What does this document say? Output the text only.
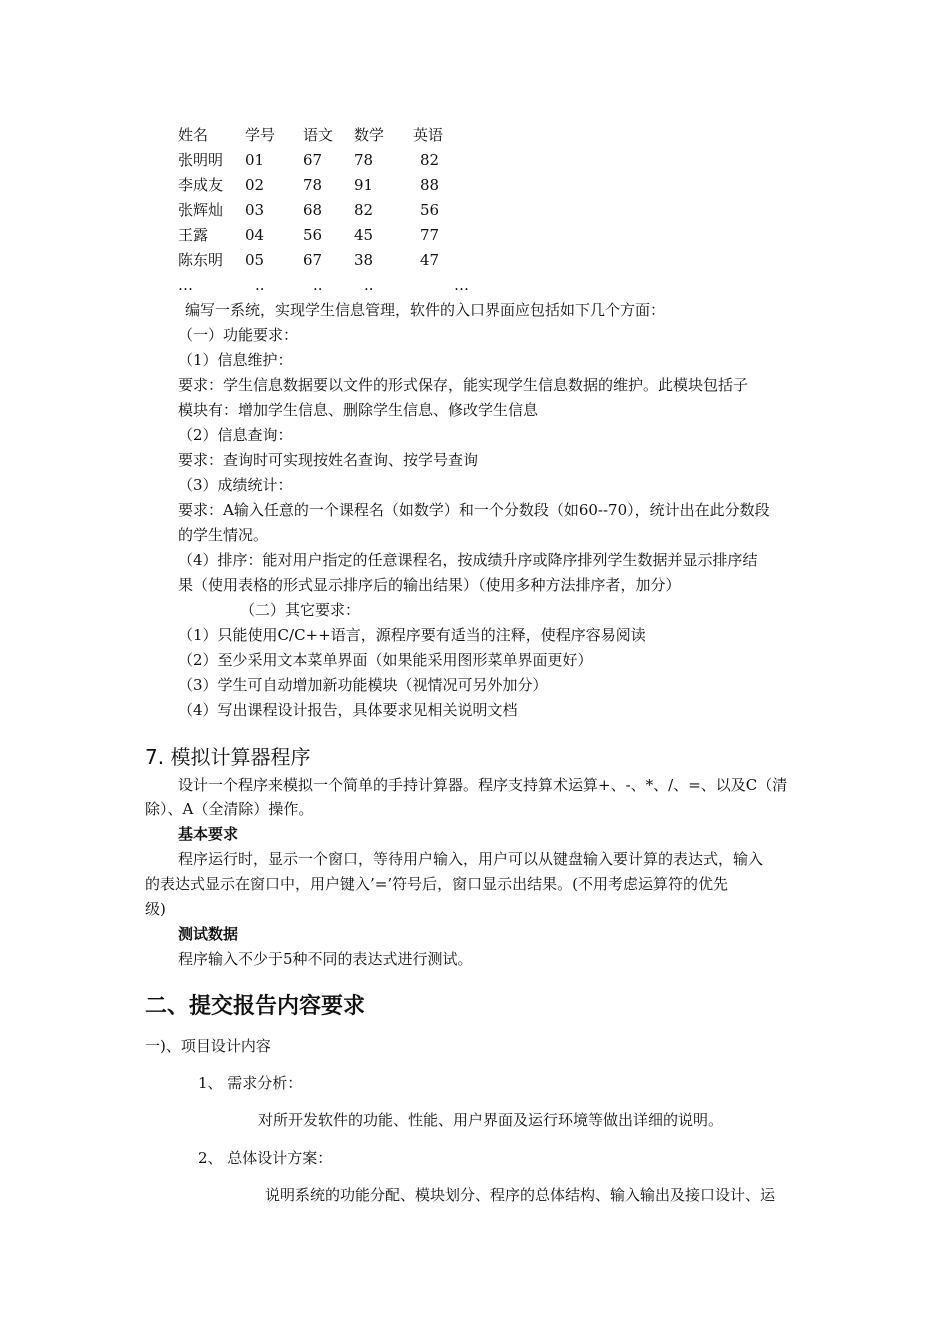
姓名 学号 语文 数学 英语
张明明 01	67 78	82
李成友 02	78 91	88
张辉灿 03	68 82	56
王露 04	56 45	77
陈东明 05	67 38	47
…	..	..	..	…
编写一系统，实现学生信息管理，软件的入口界面应包括如下几个方面：
（一）功能要求：
（1）信息维护：
要求：学生信息数据要以文件的形式保存，能实现学生信息数据的维护。此模块包括子
模块有：增加学生信息、删除学生信息、修改学生信息
（2）信息查询：
要求：查询时可实现按姓名查询、按学号查询
（3）成绩统计：
要求：A输入任意的一个课程名（如数学）和一个分数段（如60--70），统计出在此分数段
的学生情况。
（4）排序：能对用户指定的任意课程名，按成绩升序或降序排列学生数据并显示排序结
果（使用表格的形式显示排序后的输出结果）（使用多种方法排序者，加分）
（二）其它要求：
（1）只能使用C/C++语言，源程序要有适当的注释，使程序容易阅读
（2）至少采用文本菜单界面（如果能采用图形菜单界面更好）
（3）学生可自动增加新功能模块（视情况可另外加分）
（4）写出课程设计报告，具体要求见相关说明文档
7. 模拟计算器程序
设计一个程序来模拟一个简单的手持计算器。程序支持算术运算+、-、*、/、=、以及C（清
除）、A（全清除）操作。
基本要求
程序运行时，显示一个窗口，等待用户输入，用户可以从键盘输入要计算的表达式，输入
的表达式显示在窗口中，用户键入’=’符号后，窗口显示出结果。(不用考虑运算符的优先
级)
测试数据
程序输入不少于5种不同的表达式进行测试。
二、提交报告内容要求
一)、项目设计内容
1、 需求分析：
对所开发软件的功能、性能、用户界面及运行环境等做出详细的说明。
2、 总体设计方案：
说明系统的功能分配、模块划分、程序的总体结构、输入输出及接口设计、运
